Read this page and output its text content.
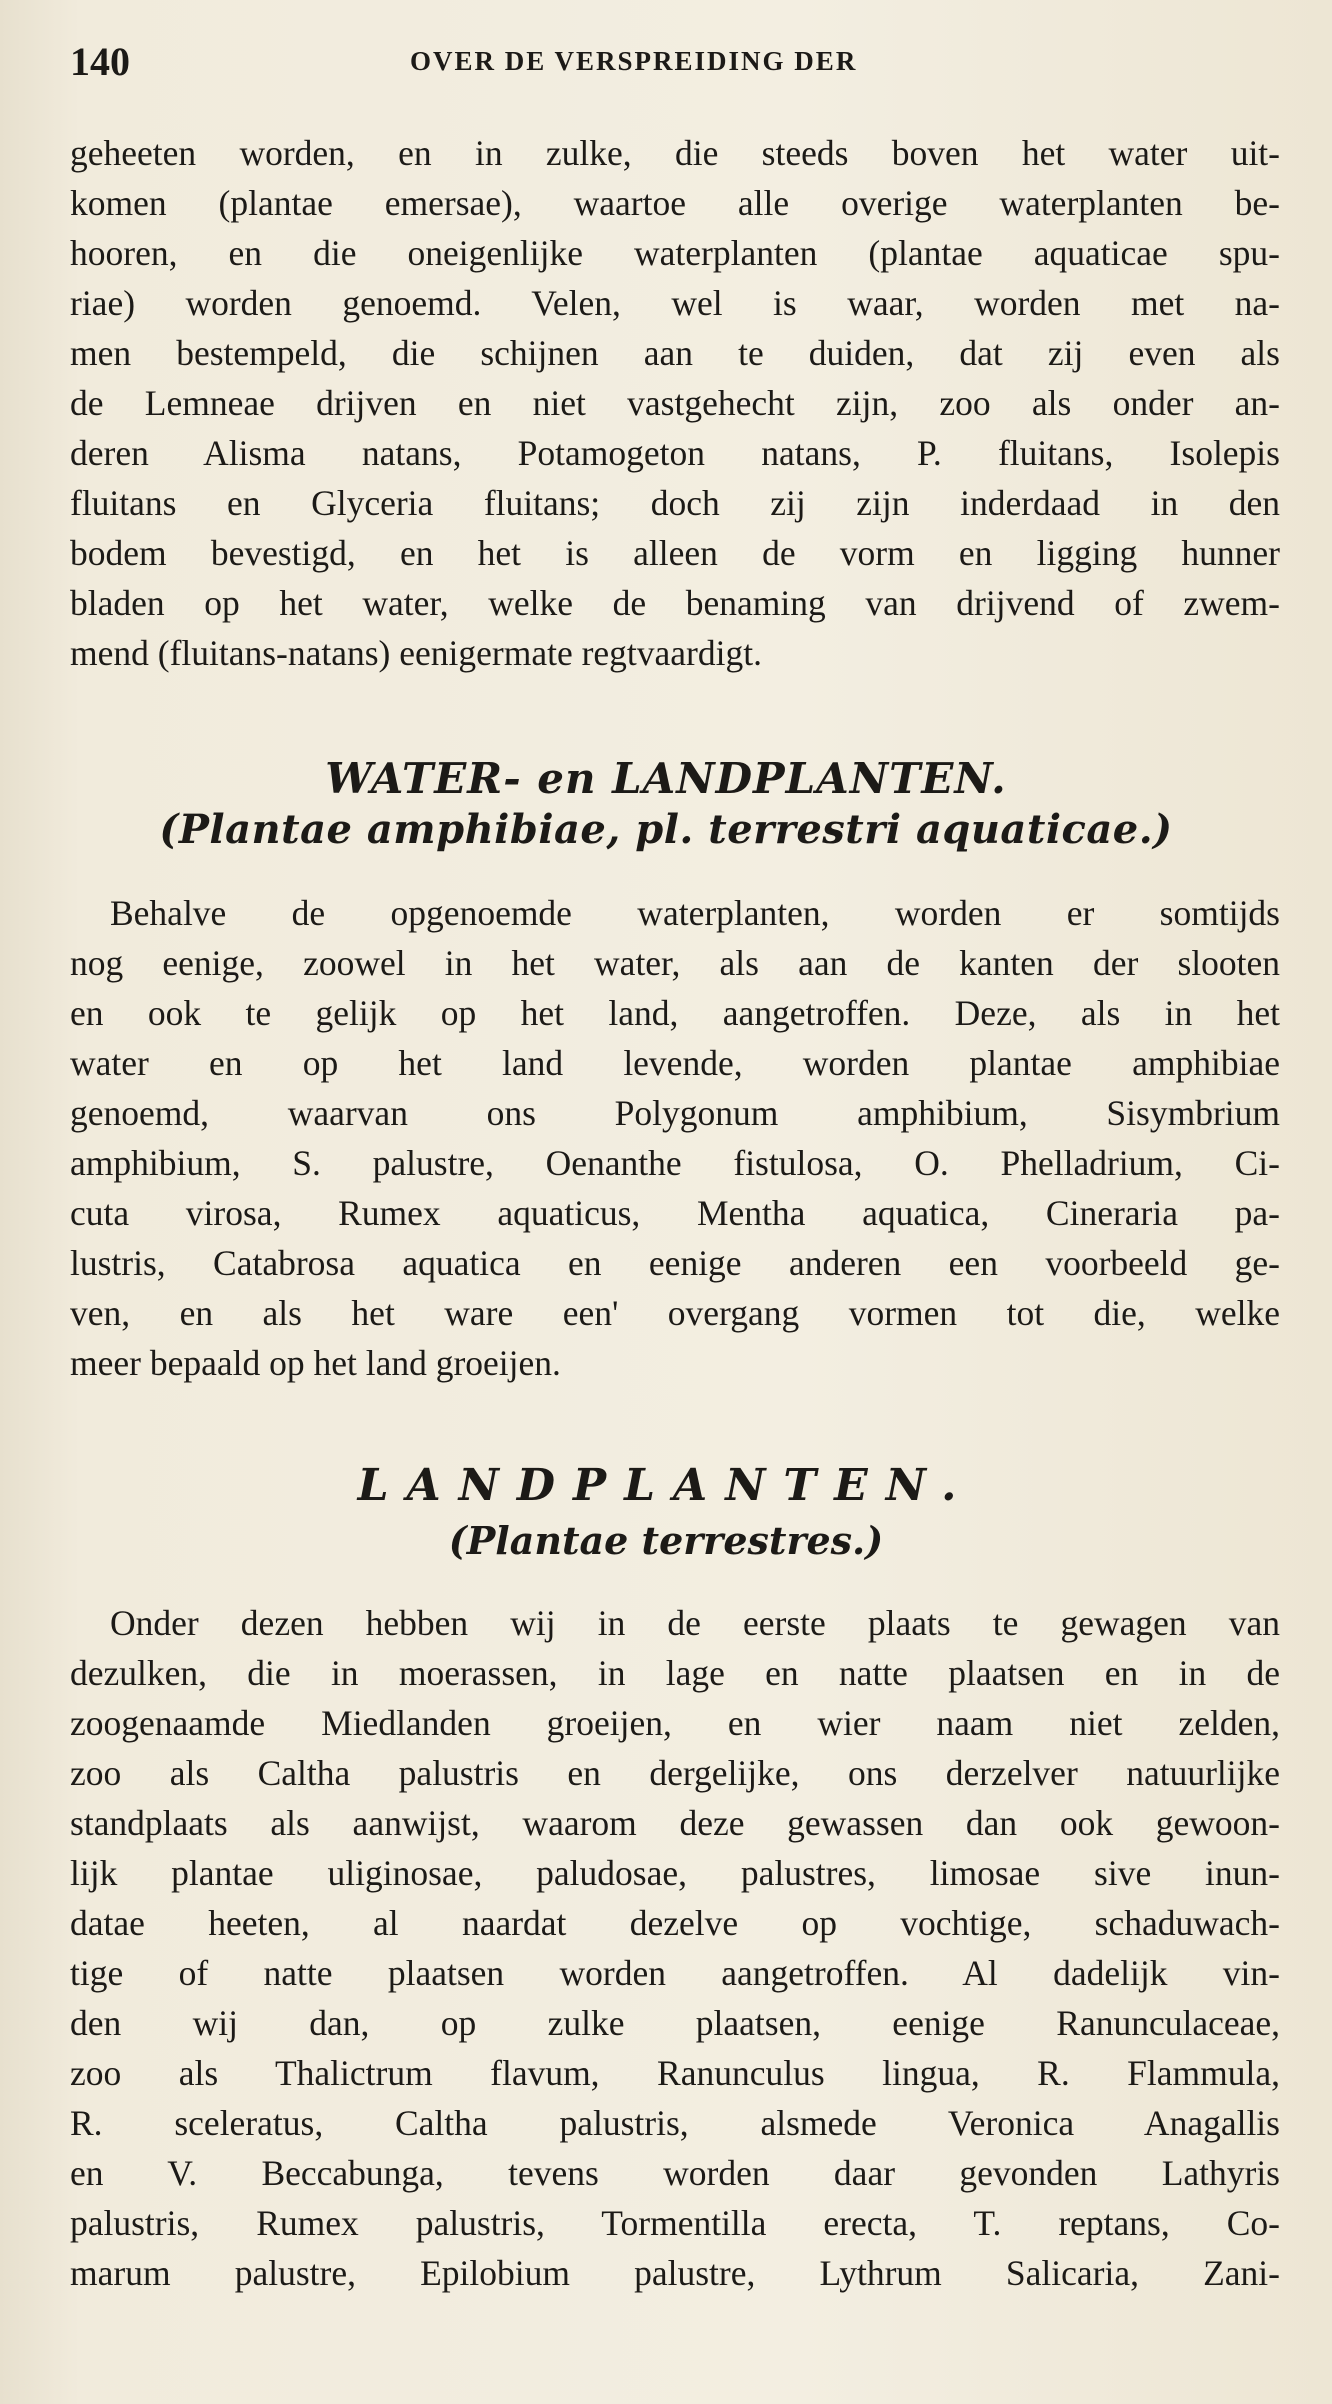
140	OVER DE VERSPREIDING DER
geheeten worden, en in zulke, die steeds boven het water uit-
komen (plantae emersae), waartoe alle overige waterplanten be-
hooren, en die oneigenlijke waterplanten (plantae aquaticae spu-
riae) worden genoemd. Velen, wel is waar, worden met na-
men bestempeld, die schijnen aan te duiden, dat zij even als
de Lemneae drijven en niet vastgehecht zijn, zoo als onder an-
deren Alisma natans, Potamogeton natans, P. fluitans, Isolepis
fluitans en Glyceria fluitans; doch zij zijn inderdaad in den
bodem bevestigd, en het is alleen de vorm en ligging hunner
bladen op het water, welke de benaming van drijvend of zwem-
mend (fluitans-natans) eenigermate regtvaardigt.
WATER- en LANDPLANTEN.
(Plantae amphibiae, pl. terrestri aquaticae.)
Behalve de opgenoemde waterplanten, worden er somtijds
nog eenige, zoowel in het water, als aan de kanten der slooten
en ook te gelijk op het land, aangetroffen. Deze, als in het
water en op het land levende, worden plantae amphibiae
genoemd, waarvan ons Polygonum amphibium, Sisymbrium
amphibium, S. palustre, Oenanthe fistulosa, O. Phelladrium, Ci-
cuta virosa, Rumex aquaticus, Mentha aquatica, Cineraria pa-
lustris, Catabrosa aquatica en eenige anderen een voorbeeld ge-
ven, en als het ware een' overgang vormen tot die, welke
meer bepaald op het land groeijen.
LANDPLANTEN.
(Plantae terrestres.)
Onder dezen hebben wij in de eerste plaats te gewagen van
dezulken, die in moerassen, in lage en natte plaatsen en in de
zoogenaamde Miedlanden groeijen, en wier naam niet zelden,
zoo als Caltha palustris en dergelijke, ons derzelver natuurlijke
standplaats als aanwijst, waarom deze gewassen dan ook gewoon-
lijk plantae uliginosae, paludosae, palustres, limosae sive inun-
datae heeten, al naardat dezelve op vochtige, schaduwach-
tige of natte plaatsen worden aangetroffen. Al dadelijk vin-
den wij dan, op zulke plaatsen, eenige Ranunculaceae,
zoo als Thalictrum flavum, Ranunculus lingua, R. Flammula,
R. sceleratus, Caltha palustris, alsmede Veronica Anagallis
en V. Beccabunga, tevens worden daar gevonden Lathyris
palustris, Rumex palustris, Tormentilla erecta, T. reptans, Co-
marum palustre, Epilobium palustre, Lythrum Salicaria, Zani-
